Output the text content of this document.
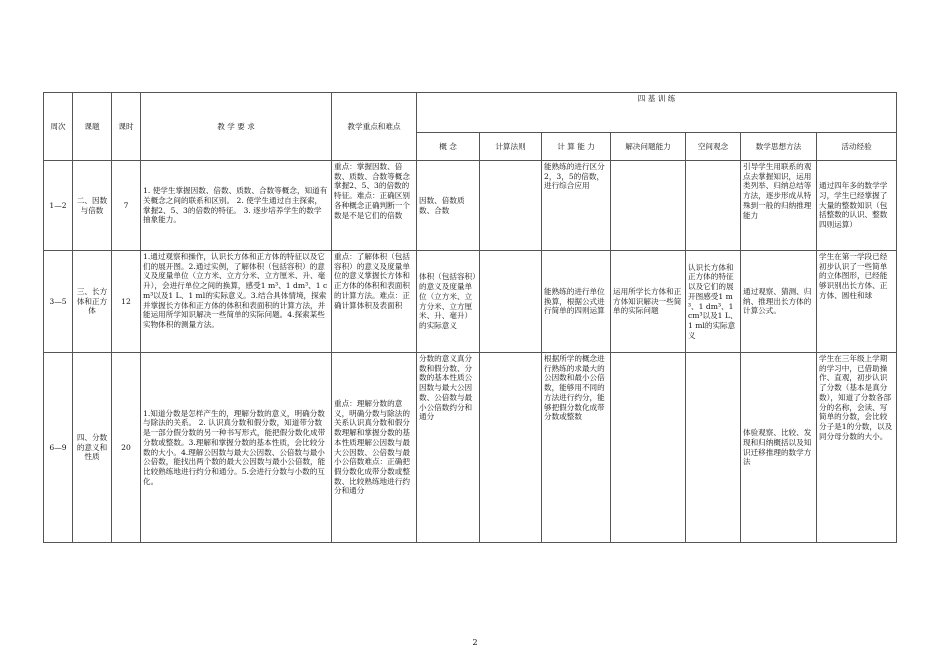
周次	课题	课时	教 学 要 求	教学重点和难点	四 基 训 练						
					概 念	计算法则	计 算 能 力	解决问题能力	空间观念	数学思想方法	活动经验
1—2	二、因数与倍数	7	1. 使学生掌握因数、倍数、质数、合数等概念，知道有关概念之间的联系和区别。 2. 使学生通过自主探索，掌握2、5、3的倍数的特征。 3. 逐步培养学生的数学抽象能力。	重点：掌握因数、倍数、质数、合数等概念掌握2、5、3的倍数的特征。难点：正确区别各种概念正确判断一个数是不是它们的倍数	因数、倍数质数、合数		能熟练的进行区分2，3，5的倍数，进行综合应用			引导学生用联系的观点去掌握知识，运用类列举、归纳总结等方法，逐步形成从特殊到一般的归纳推理能力	通过四年多的数学学习，学生已经掌握了大量的整数知识（包括整数的认识、整数四则运算）
3—5	三、长方体和正方体	12	1.通过观察和操作，认识长方体和正方体的特征以及它们的展开图。2.通过实例，了解体积（包括容积）的意义及度量单位（立方米、立方分米、立方厘米、升、毫升），会进行单位之间的换算，感受1 m³、1 dm³、1 cm³以及1 L、1 ml的实际意义。3.结合具体情境，探索并掌握长方体和正方体的体积和表面积的计算方法，并能运用所学知识解决一些简单的实际问题。4.探索某些实物体积的测量方法。	重点：了解体积（包括容积）的意义及度量单位的意义掌握长方体和正方体的体积和表面积的计算方法。难点：正确计算体积及表面积	体积（包括容积）的意义及度量单位（立方米、立方分米、立方厘米、升、毫升）的实际意义		能熟练的进行单位换算，根据公式进行简单的四则运算	运用所学长方体和正方体知识解决一些简单的实际问题	认识长方体和正方体的特征以及它们的展开图感受1 m³、1 dm³、1 cm³以及1 L、1 ml的实际意义	通过观察、猜测、归纳、推理出长方体的计算公式。	学生在第一学段已经初步认识了一些简单的立体图形，已经能够识别出长方体、正方体、圆柱和球
6—9	四、分数的意义和性质	20	1.知道分数是怎样产生的，理解分数的意义，明确分数与除法的关系。 2. 认识真分数和假分数，知道带分数是一部分假分数的另一种书写形式，能把假分数化成带分数或整数。3.理解和掌握分数的基本性质，会比较分数的大小。4.理解公因数与最大公因数、公倍数与最小公倍数，能找出两个数的最大公因数与最小公倍数，能比较熟练地进行约分和通分。5.会进行分数与小数的互化。	重点：理解分数的意义，明确分数与除法的关系认识真分数和假分数理解和掌握分数的基本性质理解公因数与最大公因数、公倍数与最小公倍数难点：正确把假分数化成带分数或整数、比较熟练地进行约分和通分	分数的意义真分数和假分数、分数的基本性质公因数与最大公因数、公倍数与最小公倍数约分和通分		根据所学的概念进行熟练的求最大的公因数和最小公倍数，能够用不同的方法进行约分，能够把假分数化成带分数或整数			体验观察、比较、发现和归纳概括以及知识迁移推理的数学方法	学生在三年级上学期的学习中，已借助操作、直观，初步认识了分数（基本是真分数），知道了分数各部分的名称，会读、写简单的分数，会比较分子是1的分数，以及同分母分数的大小。
2
